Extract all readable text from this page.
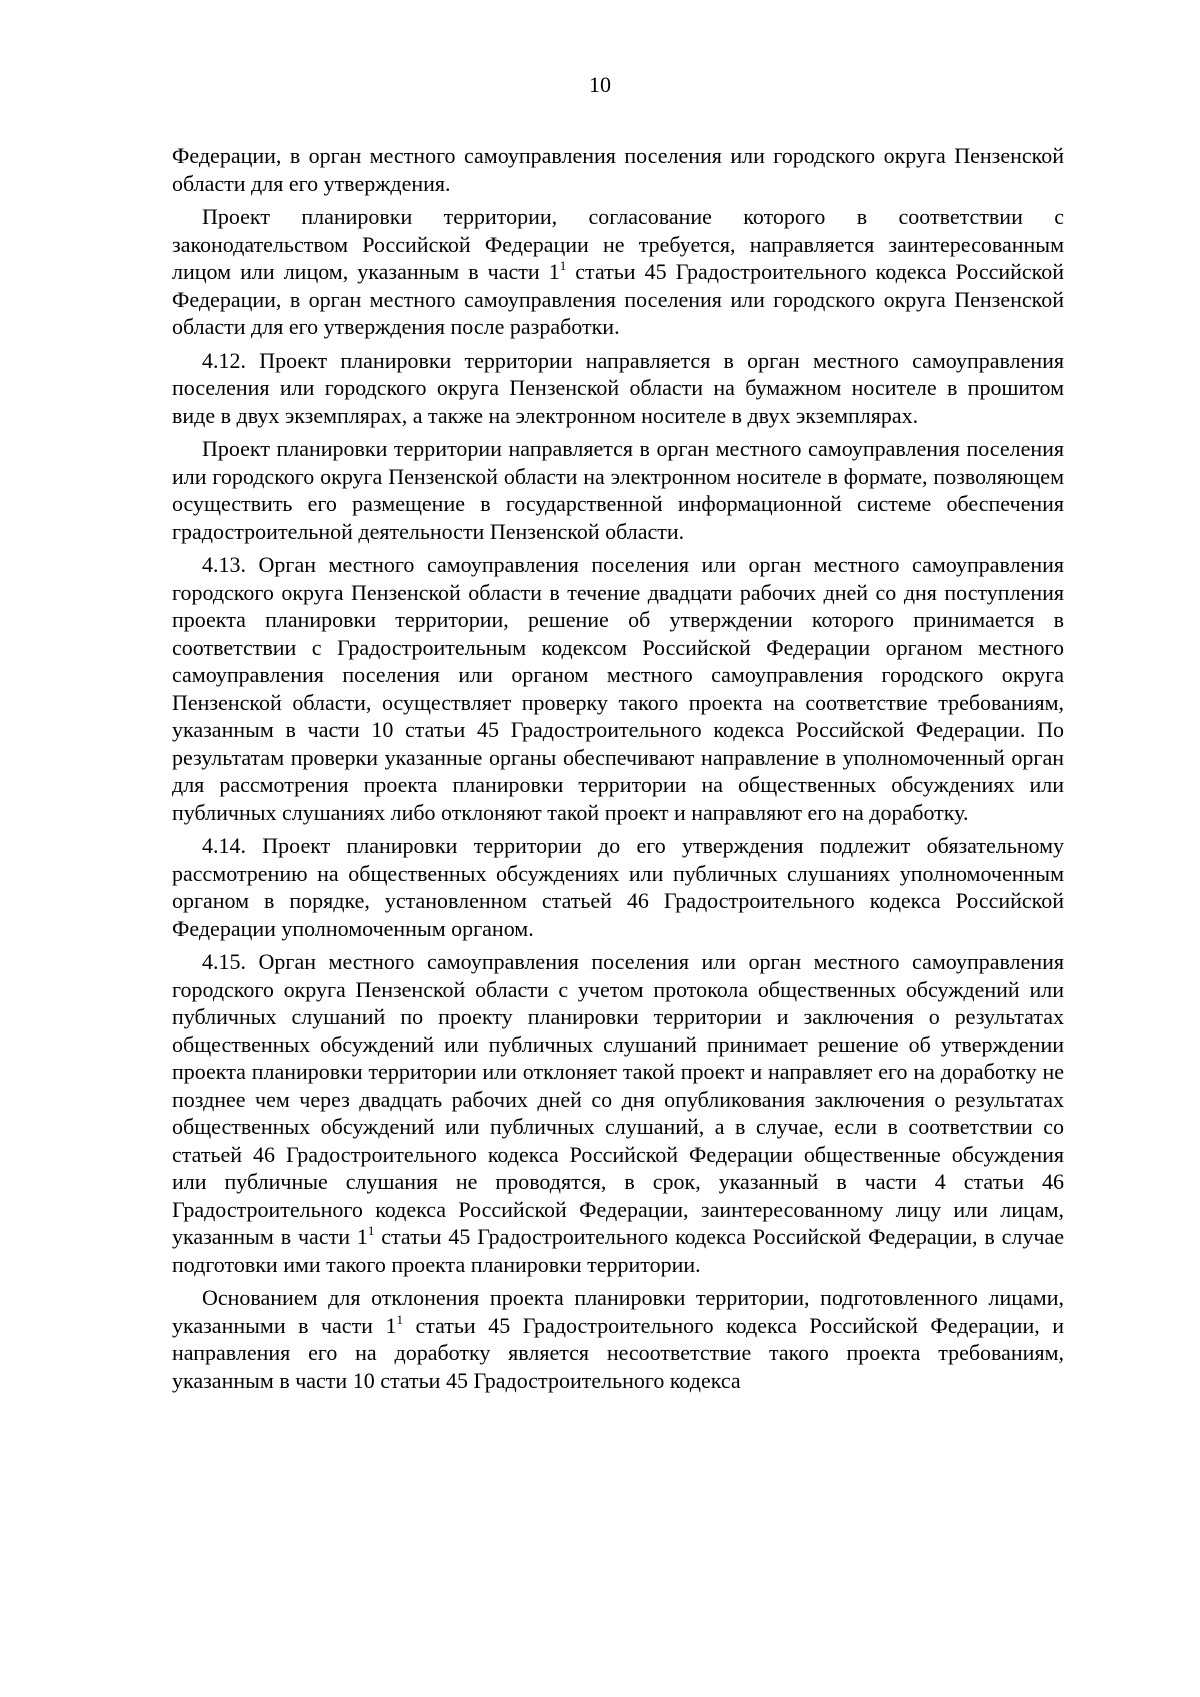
10

Федерации, в орган местного самоуправления поселения или городского округа Пензенской области для его утверждения.

Проект планировки территории, согласование которого в соответствии с законодательством Российской Федерации не требуется, направляется заинтересованным лицом или лицом, указанным в части $1^1$ статьи 45 Градостроительного кодекса Российской Федерации, в орган местного самоуправления поселения или городского округа Пензенской области для его утверждения после разработки.

4.12. Проект планировки территории направляется в орган местного самоуправления поселения или городского округа Пензенской области на бумажном носителе в прошитом виде в двух экземплярах, а также на электронном носителе в двух экземплярах.

Проект планировки территории направляется в орган местного самоуправления поселения или городского округа Пензенской области на электронном носителе в формате, позволяющем осуществить его размещение в государственной информационной системе обеспечения градостроительной деятельности Пензенской области.

4.13. Орган местного самоуправления поселения или орган местного самоуправления городского округа Пензенской области в течение двадцати рабочих дней со дня поступления проекта планировки территории, решение об утверждении которого принимается в соответствии с Градостроительным кодексом Российской Федерации органом местного самоуправления поселения или органом местного самоуправления городского округа Пензенской области, осуществляет проверку такого проекта на соответствие требованиям, указанным в части 10 статьи 45 Градостроительного кодекса Российской Федерации. По результатам проверки указанные органы обеспечивают направление в уполномоченный орган для рассмотрения проекта планировки территории на общественных обсуждениях или публичных слушаниях либо отклоняют такой проект и направляют его на доработку.

4.14. Проект планировки территории до его утверждения подлежит обязательному рассмотрению на общественных обсуждениях или публичных слушаниях уполномоченным органом в порядке, установленном статьей 46 Градостроительного кодекса Российской Федерации уполномоченным органом.

4.15. Орган местного самоуправления поселения или орган местного самоуправления городского округа Пензенской области с учетом протокола общественных обсуждений или публичных слушаний по проекту планировки территории и заключения о результатах общественных обсуждений или публичных слушаний принимает решение об утверждении проекта планировки территории или отклоняет такой проект и направляет его на доработку не позднее чем через двадцать рабочих дней со дня опубликования заключения о результатах общественных обсуждений или публичных слушаний, а в случае, если в соответствии со статьей 46 Градостроительного кодекса Российской Федерации общественные обсуждения или публичные слушания не проводятся, в срок, указанный в части 4 статьи 46 Градостроительного кодекса Российской Федерации, заинтересованному лицу или лицам, указанным в части $1^1$ статьи 45 Градостроительного кодекса Российской Федерации, в случае подготовки ими такого проекта планировки территории.

Основанием для отклонения проекта планировки территории, подготовленного лицами, указанными в части $1^1$ статьи 45 Градостроительного кодекса Российской Федерации, и направления его на доработку является несоответствие такого проекта требованиям, указанным в части 10 статьи 45 Градостроительного кодекса
